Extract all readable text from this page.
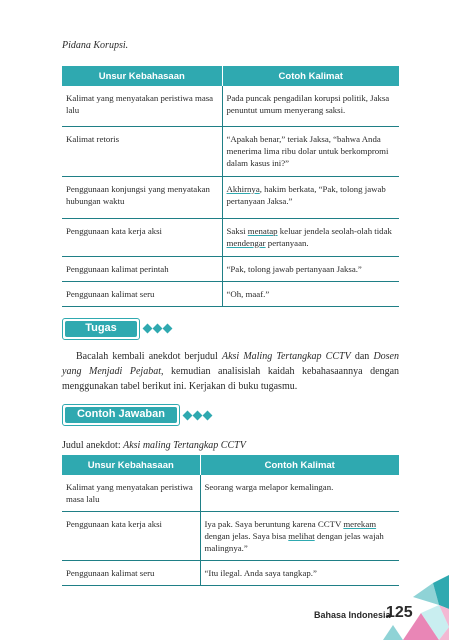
Pidana Korupsi.
Unsur Kebahasaan	Cotoh Kalimat
Kalimat yang menyatakan peristiwa masa lalu	Pada puncak pengadilan korupsi politik, Jaksa penuntut umum menyerang saksi.
Kalimat retoris	“Apakah benar,” teriak Jaksa, “bahwa Anda menerima lima ribu dolar untuk berkompromi dalam kasus ini?”
Penggunaan konjungsi yang menyatakan hubungan waktu	Akhirnya, hakim berkata, “Pak, tolong jawab pertanyaan Jaksa.”
Penggunaan kata kerja aksi	Saksi menatap keluar jendela seolah-olah tidak mendengar pertanyaan.
Penggunaan kalimat perintah	“Pak, tolong jawab pertanyaan Jaksa.”
Penggunaan kalimat seru	“Oh, maaf.”
Tugas
Bacalah kembali anekdot berjudul Aksi Maling Tertangkap CCTV dan Dosen yang Menjadi Pejabat, kemudian analisislah kaidah kebahasaannya dengan menggunakan tabel berikut ini. Kerjakan di buku tugasmu.
Contoh Jawaban
Judul anekdot: Aksi maling Tertangkap CCTV
Unsur Kebahasaan	Contoh Kalimat
Kalimat yang menyatakan peristiwa masa lalu	Seorang warga melapor kemalingan.
Penggunaan kata kerja aksi	Iya pak. Saya beruntung karena CCTV merekam dengan jelas. Saya bisa melihat dengan jelas wajah malingnya.”
Penggunaan kalimat seru	“Itu ilegal. Anda saya tangkap.”
Bahasa Indonesia
125
